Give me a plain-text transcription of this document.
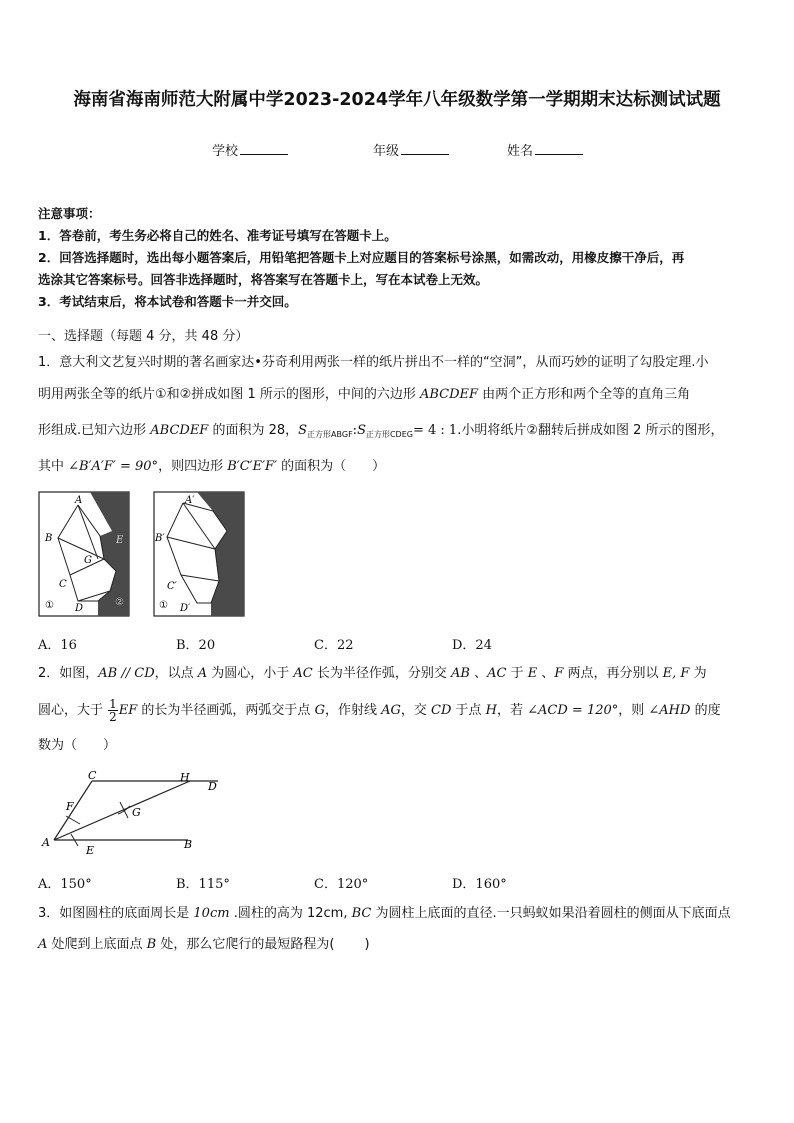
海南省海南师范大附属中学2023-2024学年八年级数学第一学期期末达标测试试题
学校	年级	姓名
注意事项：
1．答卷前，考生务必将自己的姓名、准考证号填写在答题卡上。
2．回答选择题时，选出每小题答案后，用铅笔把答题卡上对应题目的答案标号涂黑，如需改动，用橡皮擦干净后，再
选涂其它答案标号。回答非选择题时，将答案写在答题卡上，写在本试卷上无效。
3．考试结束后，将本试卷和答题卡一并交回。
一、选择题（每题 4 分，共 48 分）
1．意大利文艺复兴时期的著名画家达•芬奇利用两张一样的纸片拼出不一样的“空洞”，从而巧妙的证明了勾股定理.小
明用两张全等的纸片①和②拼成如图 1 所示的图形，中间的六边形 ABCDEF 由两个正方形和两个全等的直角三角
形组成.已知六边形 ABCDEF 的面积为 28，$S_{正方形ABGF}:S_{正方形CDEG}= 4$ : 1.小明将纸片②翻转后拼成如图 2 所示的图形，
其中 ∠B′A′F′ = 90°，则四边形 B′C′E′F′ 的面积为（　　）
A
B
C
D
E
G
①	②
A′
B′
C′
D′
①
A．16	B．20	C．22	D．24
2．如图，AB // CD，以点 A 为圆心，小于 AC 长为半径作弧，分别交 AB 、AC 于 E 、F 两点，再分别以 E, F 为
圆心，大于 $\frac{1}{2}$ EF 的长为半径画弧，两弧交于点 G，作射线 AG，交 CD 于点 H，若 ∠ACD = 120°，则 ∠AHD 的度
数为（　　）
A	B
C
D
E
F	G
H
A．150°	B．115°	C．120°	D．160°
3．如图圆柱的底面周长是 10cm .圆柱的高为 12cm, BC 为圆柱上底面的直径.一只蚂蚁如果沿着圆柱的侧面从下底面点
A 处爬到上底面点 B 处，那么它爬行的最短路程为(　　 )
